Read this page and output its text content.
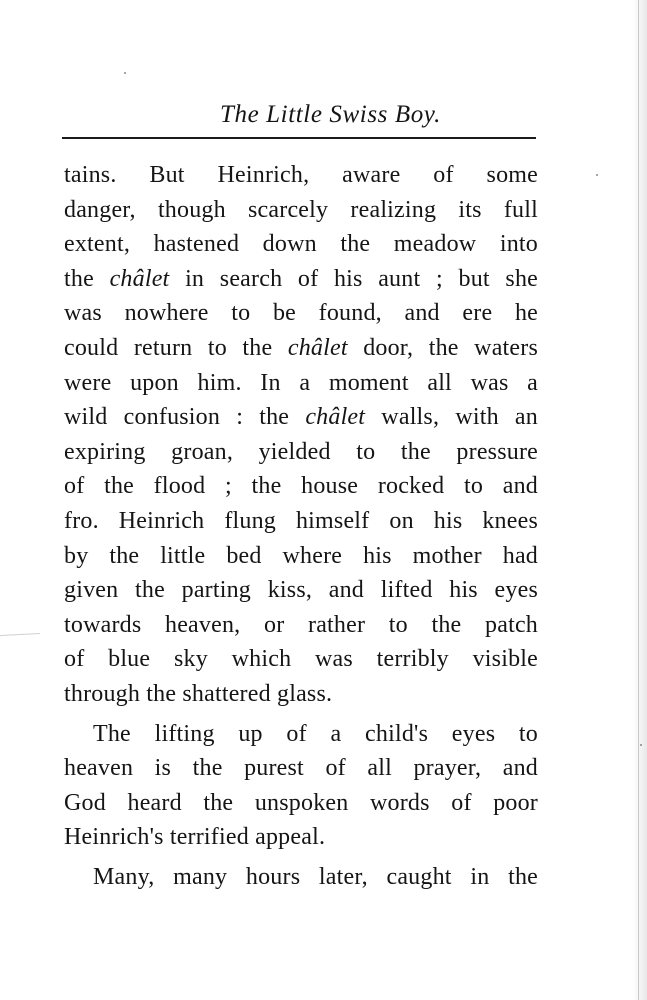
The Little Swiss Boy.
tains. But Heinrich, aware of some
danger, though scarcely realizing its full
extent, hastened down the meadow into
the châlet in search of his aunt ; but she
was nowhere to be found, and ere he
could return to the châlet door, the waters
were upon him. In a moment all was a
wild confusion : the châlet walls, with an
expiring groan, yielded to the pressure
of the flood ; the house rocked to and
fro. Heinrich flung himself on his knees
by the little bed where his mother had
given the parting kiss, and lifted his eyes
towards heaven, or rather to the patch
of blue sky which was terribly visible
through the shattered glass.
The lifting up of a child's eyes to
heaven is the purest of all prayer, and
God heard the unspoken words of poor
Heinrich's terrified appeal.
Many, many hours later, caught in the
